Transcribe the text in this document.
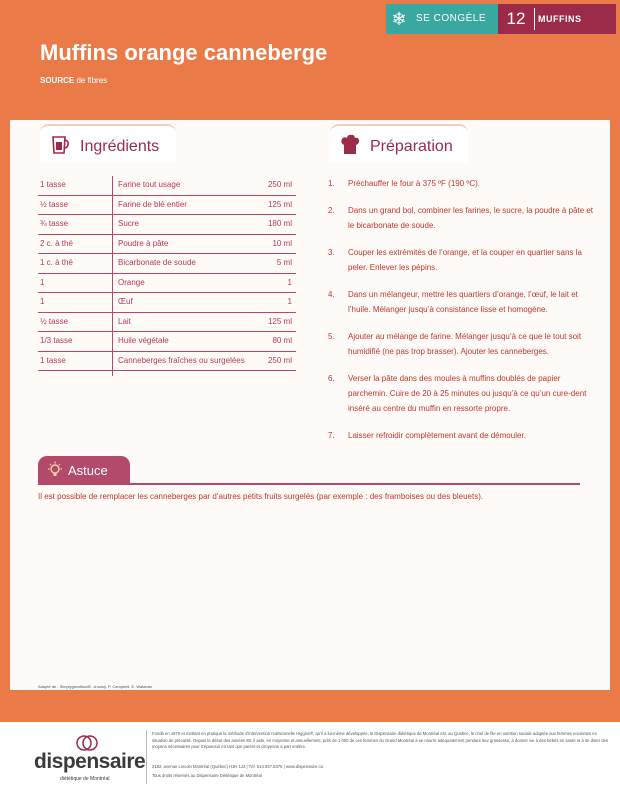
❄ SE CONGÈLE	12	MUFFINS
Muffins orange canneberge
SOURCE de fibres
Ingrédients	Préparation
1 tasse	Farine tout usage	250 ml
½ tasse	Farine de blé entier	125 ml
¾ tasse	Sucre	180 ml
2 c. à thé	Poudre à pâte	10 ml
1 c. à thé	Bicarbonate de soude	5 ml
1	Orange	1
1	Œuf	1
½ tasse	Lait	125 ml
1/3 tasse	Huile végétale	80 ml
1 tasse	Canneberges fraîches ou surgelées	250 ml
1.	Préchauffer le four à 375 ºF (190 ºC).
2.	Dans un grand bol, combiner les farines, le sucre, la poudre à pâte et le bicarbonate de soude.
3.	Couper les extrémités de l’orange, et la couper en quartier sans la peler. Enlever les pépins.
4.	Dans un mélangeur, mettre les quartiers d’orange, l’œuf, le lait et l’huile. Mélanger jusqu’à consistance lisse et homogène.
5.	Ajouter au mélange de farine. Mélanger jusqu’à ce que le tout soit humidifié (ne pas trop brasser). Ajouter les canneberges.
6.	Verser la pâte dans des moules à muffins doublés de papier parchemin. Cuire de 20 à 25 minutes ou jusqu’à ce qu’un cure-dent inséré au centre du muffin en ressorte propre.
7.	Laisser refroidir complètement avant de démouler.
Astuce
Il est possible de remplacer les canneberges par d’autres petits fruits surgelés (par exemple : des framboises ou des bleuets).
Adapté de : SimplygreatfoodE. choosy, P. Campbell, E. Watanan
dispensaire
diététique de Montréal
Fondé en 1879 et mettant en pratique la méthode d’intervention nutritionnelle Higgins®, qu’il a lui-même développée, le Dispensaire diététique de Montréal est, au Québec, le chef de file en nutrition sociale adaptée aux femmes enceintes en situation de précarité. Depuis le début des années 80, il aide, en moyenne et annuellement, près de 1 000 de ces femmes du Grand Montréal à se nourrir adéquatement pendant leur grossesse, à donner vie à des bébés en santé et à se doter des moyens nécessaires pour s’épanouir en tant que parent et citoyenne à part entière.
2182, avenue Lincoln Montréal (Québec) H3H 1J3 | Tél. 514.937.5375 | www.dispensaire.ca
Tous droits réservés au Dispensaire Diététique de Montréal
